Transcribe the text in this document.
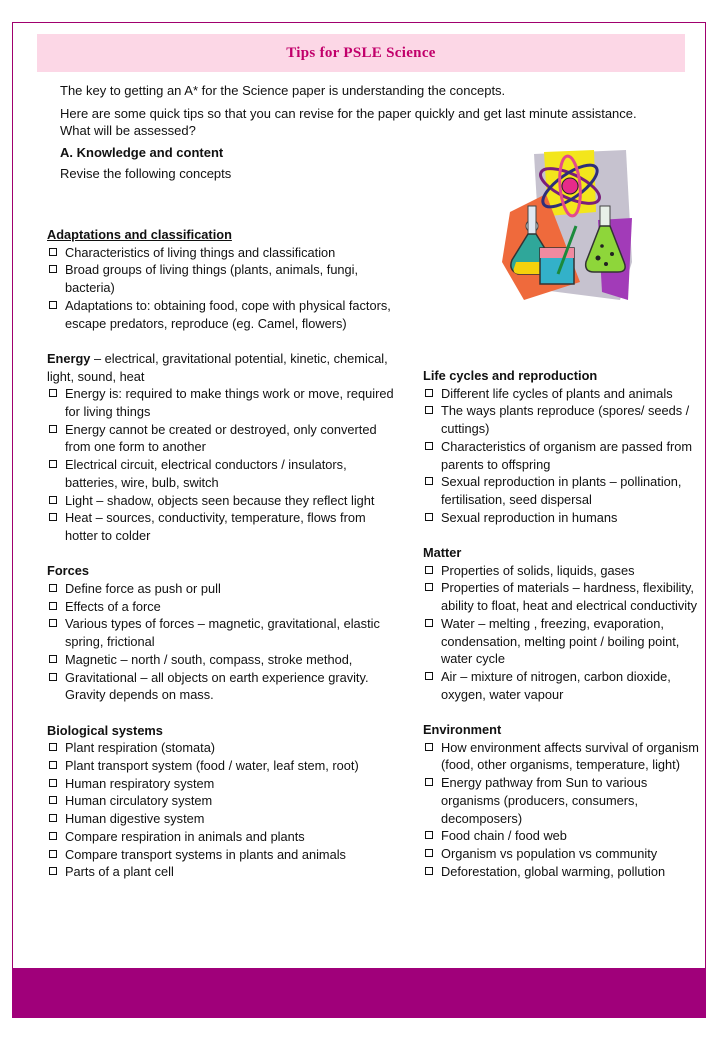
Tips for PSLE Science

The key to getting an A* for the Science paper is understanding the concepts.

Here are some quick tips so that you can revise for the paper quickly and get last minute assistance.

What will be assessed?

A. Knowledge and content

Revise the following concepts

Adaptations and classification

Characteristics of living things and classification
Broad groups of living things (plants, animals, fungi, bacteria)
Adaptations to: obtaining food, cope with physical factors, escape predators, reproduce (eg. Camel, flowers)

Energy – electrical, gravitational potential, kinetic, chemical, light, sound, heat

Energy is: required to make things work or move, required for living things
Energy cannot be created or destroyed, only converted from one form to another
Electrical circuit, electrical conductors / insulators, batteries, wire, bulb, switch
Light – shadow, objects seen because they reflect light
Heat – sources, conductivity, temperature, flows from hotter to colder

Forces

Define force as push or pull
Effects of a force
Various types of forces – magnetic, gravitational, elastic spring, frictional
Magnetic – north / south, compass, stroke method,
Gravitational – all objects on earth experience gravity. Gravity depends on mass.

Biological systems

Plant respiration (stomata)
Plant transport system (food / water, leaf stem, root)
Human respiratory system
Human circulatory system
Human digestive system
Compare respiration in animals and plants
Compare transport systems in plants and animals
Parts of a plant cell

Life cycles and reproduction

Different life cycles of plants and animals
The ways plants reproduce (spores/ seeds / cuttings)
Characteristics of organism are passed from parents to offspring
Sexual reproduction in plants – pollination, fertilisation, seed dispersal
Sexual reproduction in humans

Matter

Properties of solids, liquids, gases
Properties of materials – hardness, flexibility, ability to float, heat and electrical conductivity
Water – melting , freezing, evaporation, condensation, melting point / boiling point, water cycle
Air – mixture of nitrogen, carbon dioxide, oxygen, water vapour

Environment

How environment affects survival of organism (food, other organisms, temperature, light)
Energy pathway from Sun to various organisms (producers, consumers, decomposers)
Food chain / food web
Organism vs population vs community
Deforestation, global warming, pollution
